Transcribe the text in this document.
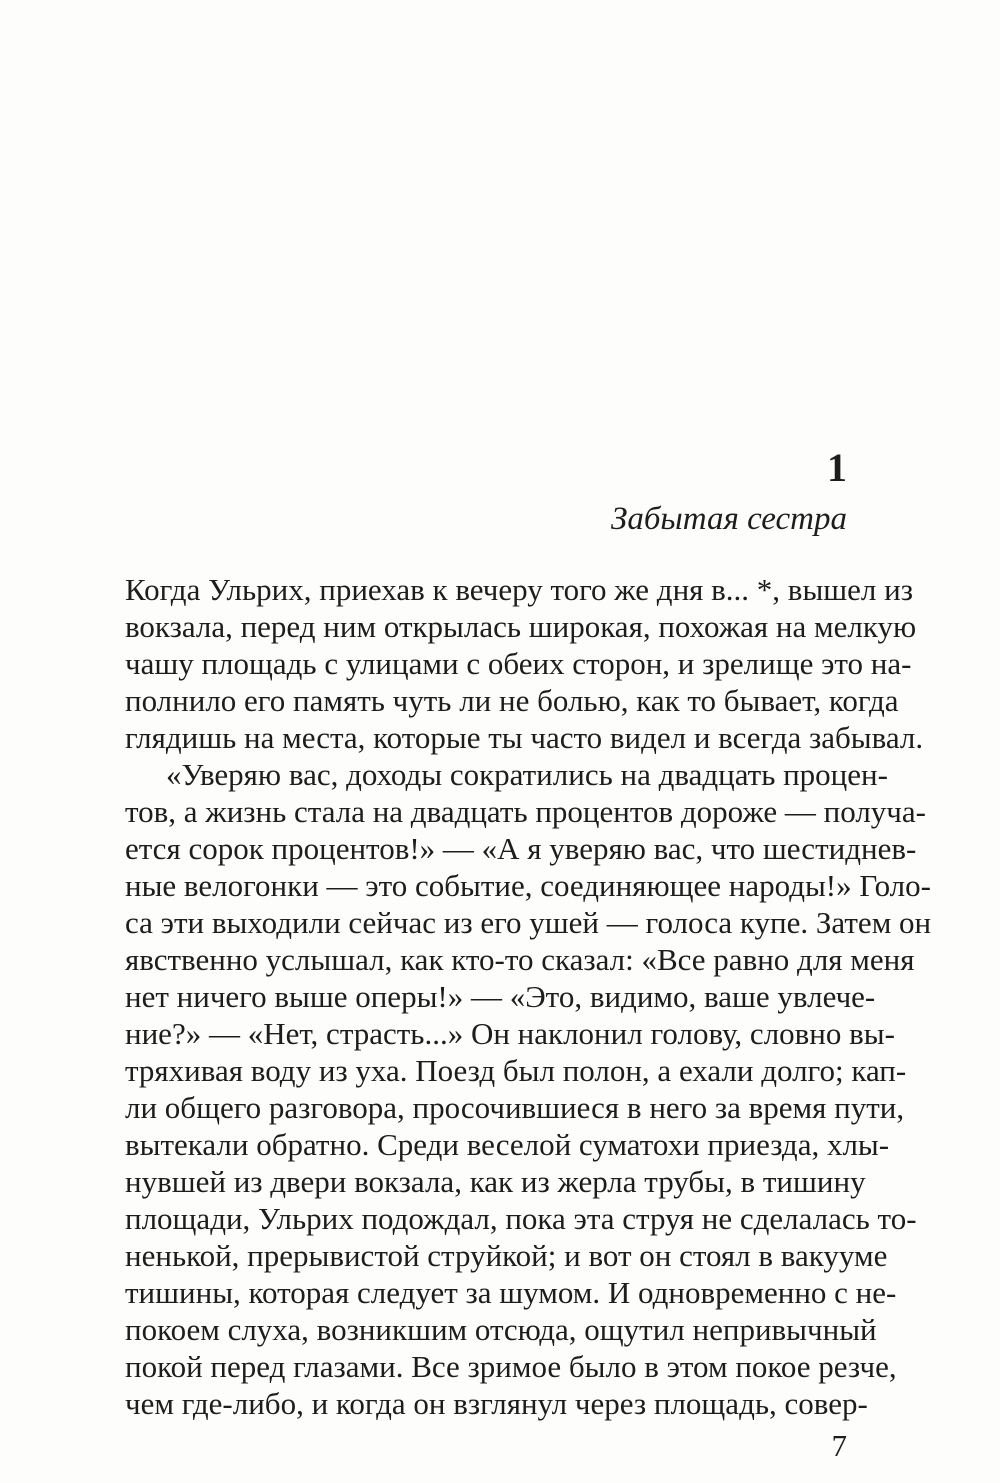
1
Забытая сестра
Когда Ульрих, приехав к вечеру того же дня в... *, вышел из
вокзала, перед ним открылась широкая, похожая на мелкую
чашу площадь с улицами с обеих сторон, и зрелище это на-
полнило его память чуть ли не болью, как то бывает, когда
глядишь на места, которые ты часто видел и всегда забывал.
«Уверяю вас, доходы сократились на двадцать процен-
тов, а жизнь стала на двадцать процентов дороже — получа-
ется сорок процентов!» — «А я уверяю вас, что шестиднев-
ные велогонки — это событие, соединяющее народы!» Голо-
са эти выходили сейчас из его ушей — голоса купе. Затем он
явственно услышал, как кто-то сказал: «Все равно для меня
нет ничего выше оперы!» — «Это, видимо, ваше увлече-
ние?» — «Нет, страсть...» Он наклонил голову, словно вы-
тряхивая воду из уха. Поезд был полон, а ехали долго; кап-
ли общего разговора, просочившиеся в него за время пути,
вытекали обратно. Среди веселой суматохи приезда, хлы-
нувшей из двери вокзала, как из жерла трубы, в тишину
площади, Ульрих подождал, пока эта струя не сделалась то-
ненькой, прерывистой струйкой; и вот он стоял в вакууме
тишины, которая следует за шумом. И одновременно с не-
покоем слуха, возникшим отсюда, ощутил непривычный
покой перед глазами. Все зримое было в этом покое резче,
чем где-либо, и когда он взглянул через площадь, совер-
7
